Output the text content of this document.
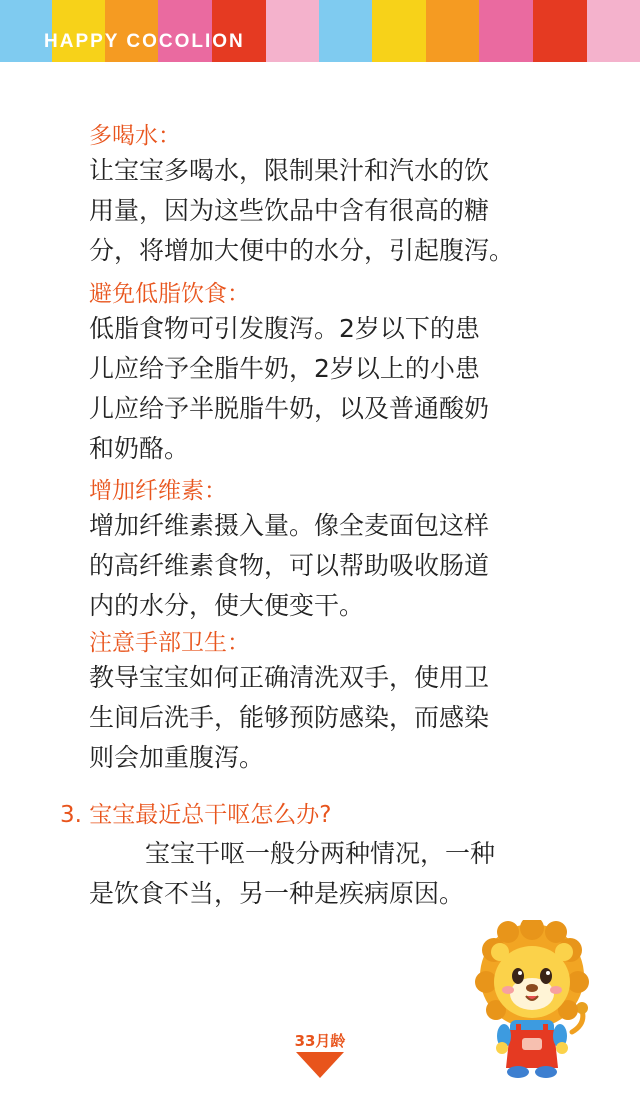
HAPPY COCOLION
多喝水：
让宝宝多喝水，限制果汁和汽水的饮
用量，因为这些饮品中含有很高的糖
分，将增加大便中的水分，引起腹泻。
避免低脂饮食：
低脂食物可引发腹泻。2岁以下的患
儿应给予全脂牛奶，2岁以上的小患
儿应给予半脱脂牛奶，以及普通酸奶
和奶酪。
增加纤维素：
增加纤维素摄入量。像全麦面包这样
的高纤维素食物，可以帮助吸收肠道
内的水分，使大便变干。
注意手部卫生：
教导宝宝如何正确清洗双手，使用卫
生间后洗手，能够预防感染，而感染
则会加重腹泻。
3. 宝宝最近总干呕怎么办?
宝宝干呕一般分两种情况，一种
是饮食不当，另一种是疾病原因。
33月龄
